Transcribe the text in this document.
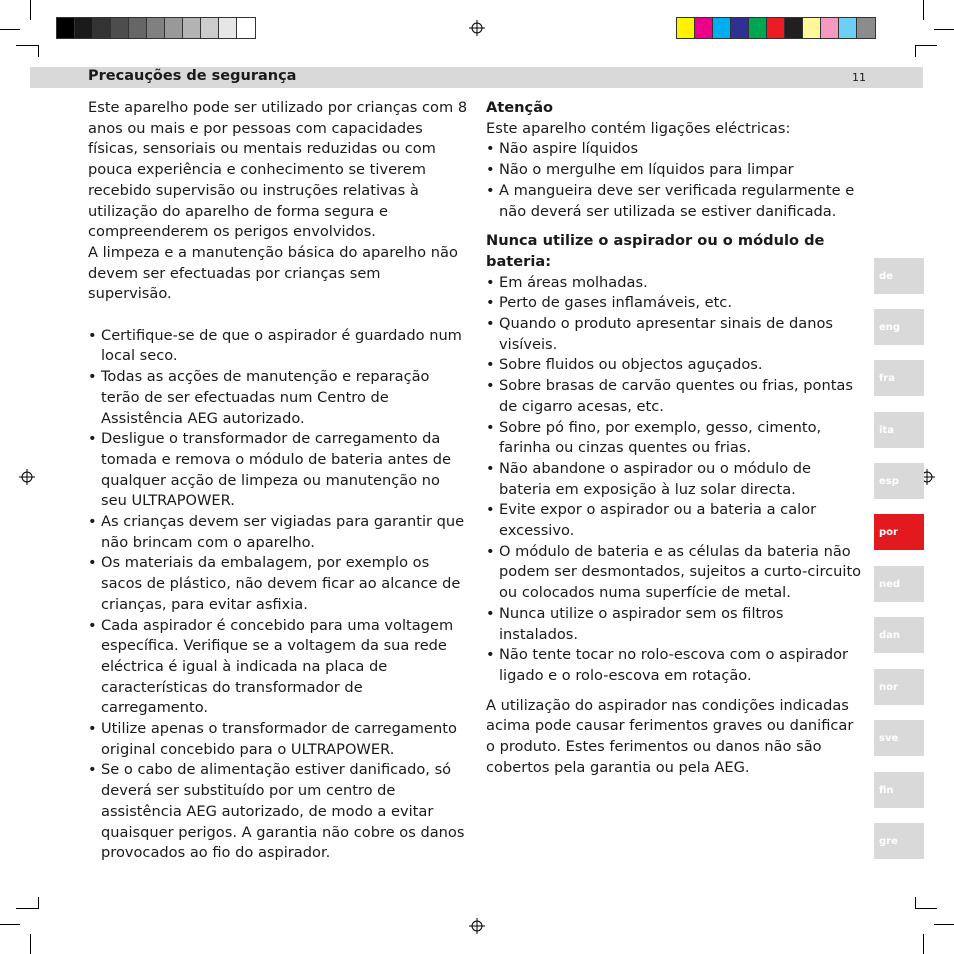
Precauções de segurança	11

Este aparelho pode ser utilizado por crianças com 8 anos ou mais e por pessoas com capacidades físicas, sensoriais ou mentais reduzidas ou com pouca experiência e conhecimento se tiverem recebido supervisão ou instruções relativas à utilização do aparelho de forma segura e compreenderem os perigos envolvidos.

A limpeza e a manutenção básica do aparelho não devem ser efectuadas por crianças sem supervisão.

• Certifique-se de que o aspirador é guardado num local seco.
• Todas as acções de manutenção e reparação terão de ser efectuadas num Centro de Assistência AEG autorizado.
• Desligue o transformador de carregamento da tomada e remova o módulo de bateria antes de qualquer acção de limpeza ou manutenção no seu ULTRAPOWER.
• As crianças devem ser vigiadas para garantir que não brincam com o aparelho.
• Os materiais da embalagem, por exemplo os sacos de plástico, não devem ficar ao alcance de crianças, para evitar asfixia.
• Cada aspirador é concebido para uma voltagem específica. Verifique se a voltagem da sua rede eléctrica é igual à indicada na placa de características do transformador de carregamento.
• Utilize apenas o transformador de carregamento original concebido para o ULTRAPOWER.
• Se o cabo de alimentação estiver danificado, só deverá ser substituído por um centro de assistência AEG autorizado, de modo a evitar quaisquer perigos. A garantia não cobre os danos provocados ao fio do aspirador.

Atenção

Este aparelho contém ligações eléctricas:

• Não aspire líquidos
• Não o mergulhe em líquidos para limpar
• A mangueira deve ser verificada regularmente e não deverá ser utilizada se estiver danificada.

Nunca utilize o aspirador ou o módulo de bateria:

• Em áreas molhadas.
• Perto de gases inflamáveis, etc.
• Quando o produto apresentar sinais de danos visíveis.
• Sobre fluidos ou objectos aguçados.
• Sobre brasas de carvão quentes ou frias, pontas de cigarro acesas, etc.
• Sobre pó fino, por exemplo, gesso, cimento, farinha ou cinzas quentes ou frias.
• Não abandone o aspirador ou o módulo de bateria em exposição à luz solar directa.
• Evite expor o aspirador ou a bateria a calor excessivo.
• O módulo de bateria e as células da bateria não podem ser desmontados, sujeitos a curto-circuito ou colocados numa superfície de metal.
• Nunca utilize o aspirador sem os filtros instalados.
• Não tente tocar no rolo-escova com o aspirador ligado e o rolo-escova em rotação.

A utilização do aspirador nas condições indicadas acima pode causar ferimentos graves ou danificar o produto. Estes ferimentos ou danos não são cobertos pela garantia ou pela AEG.

de
eng
fra
ita
esp
por
ned
dan
nor
sve
fin
gre
